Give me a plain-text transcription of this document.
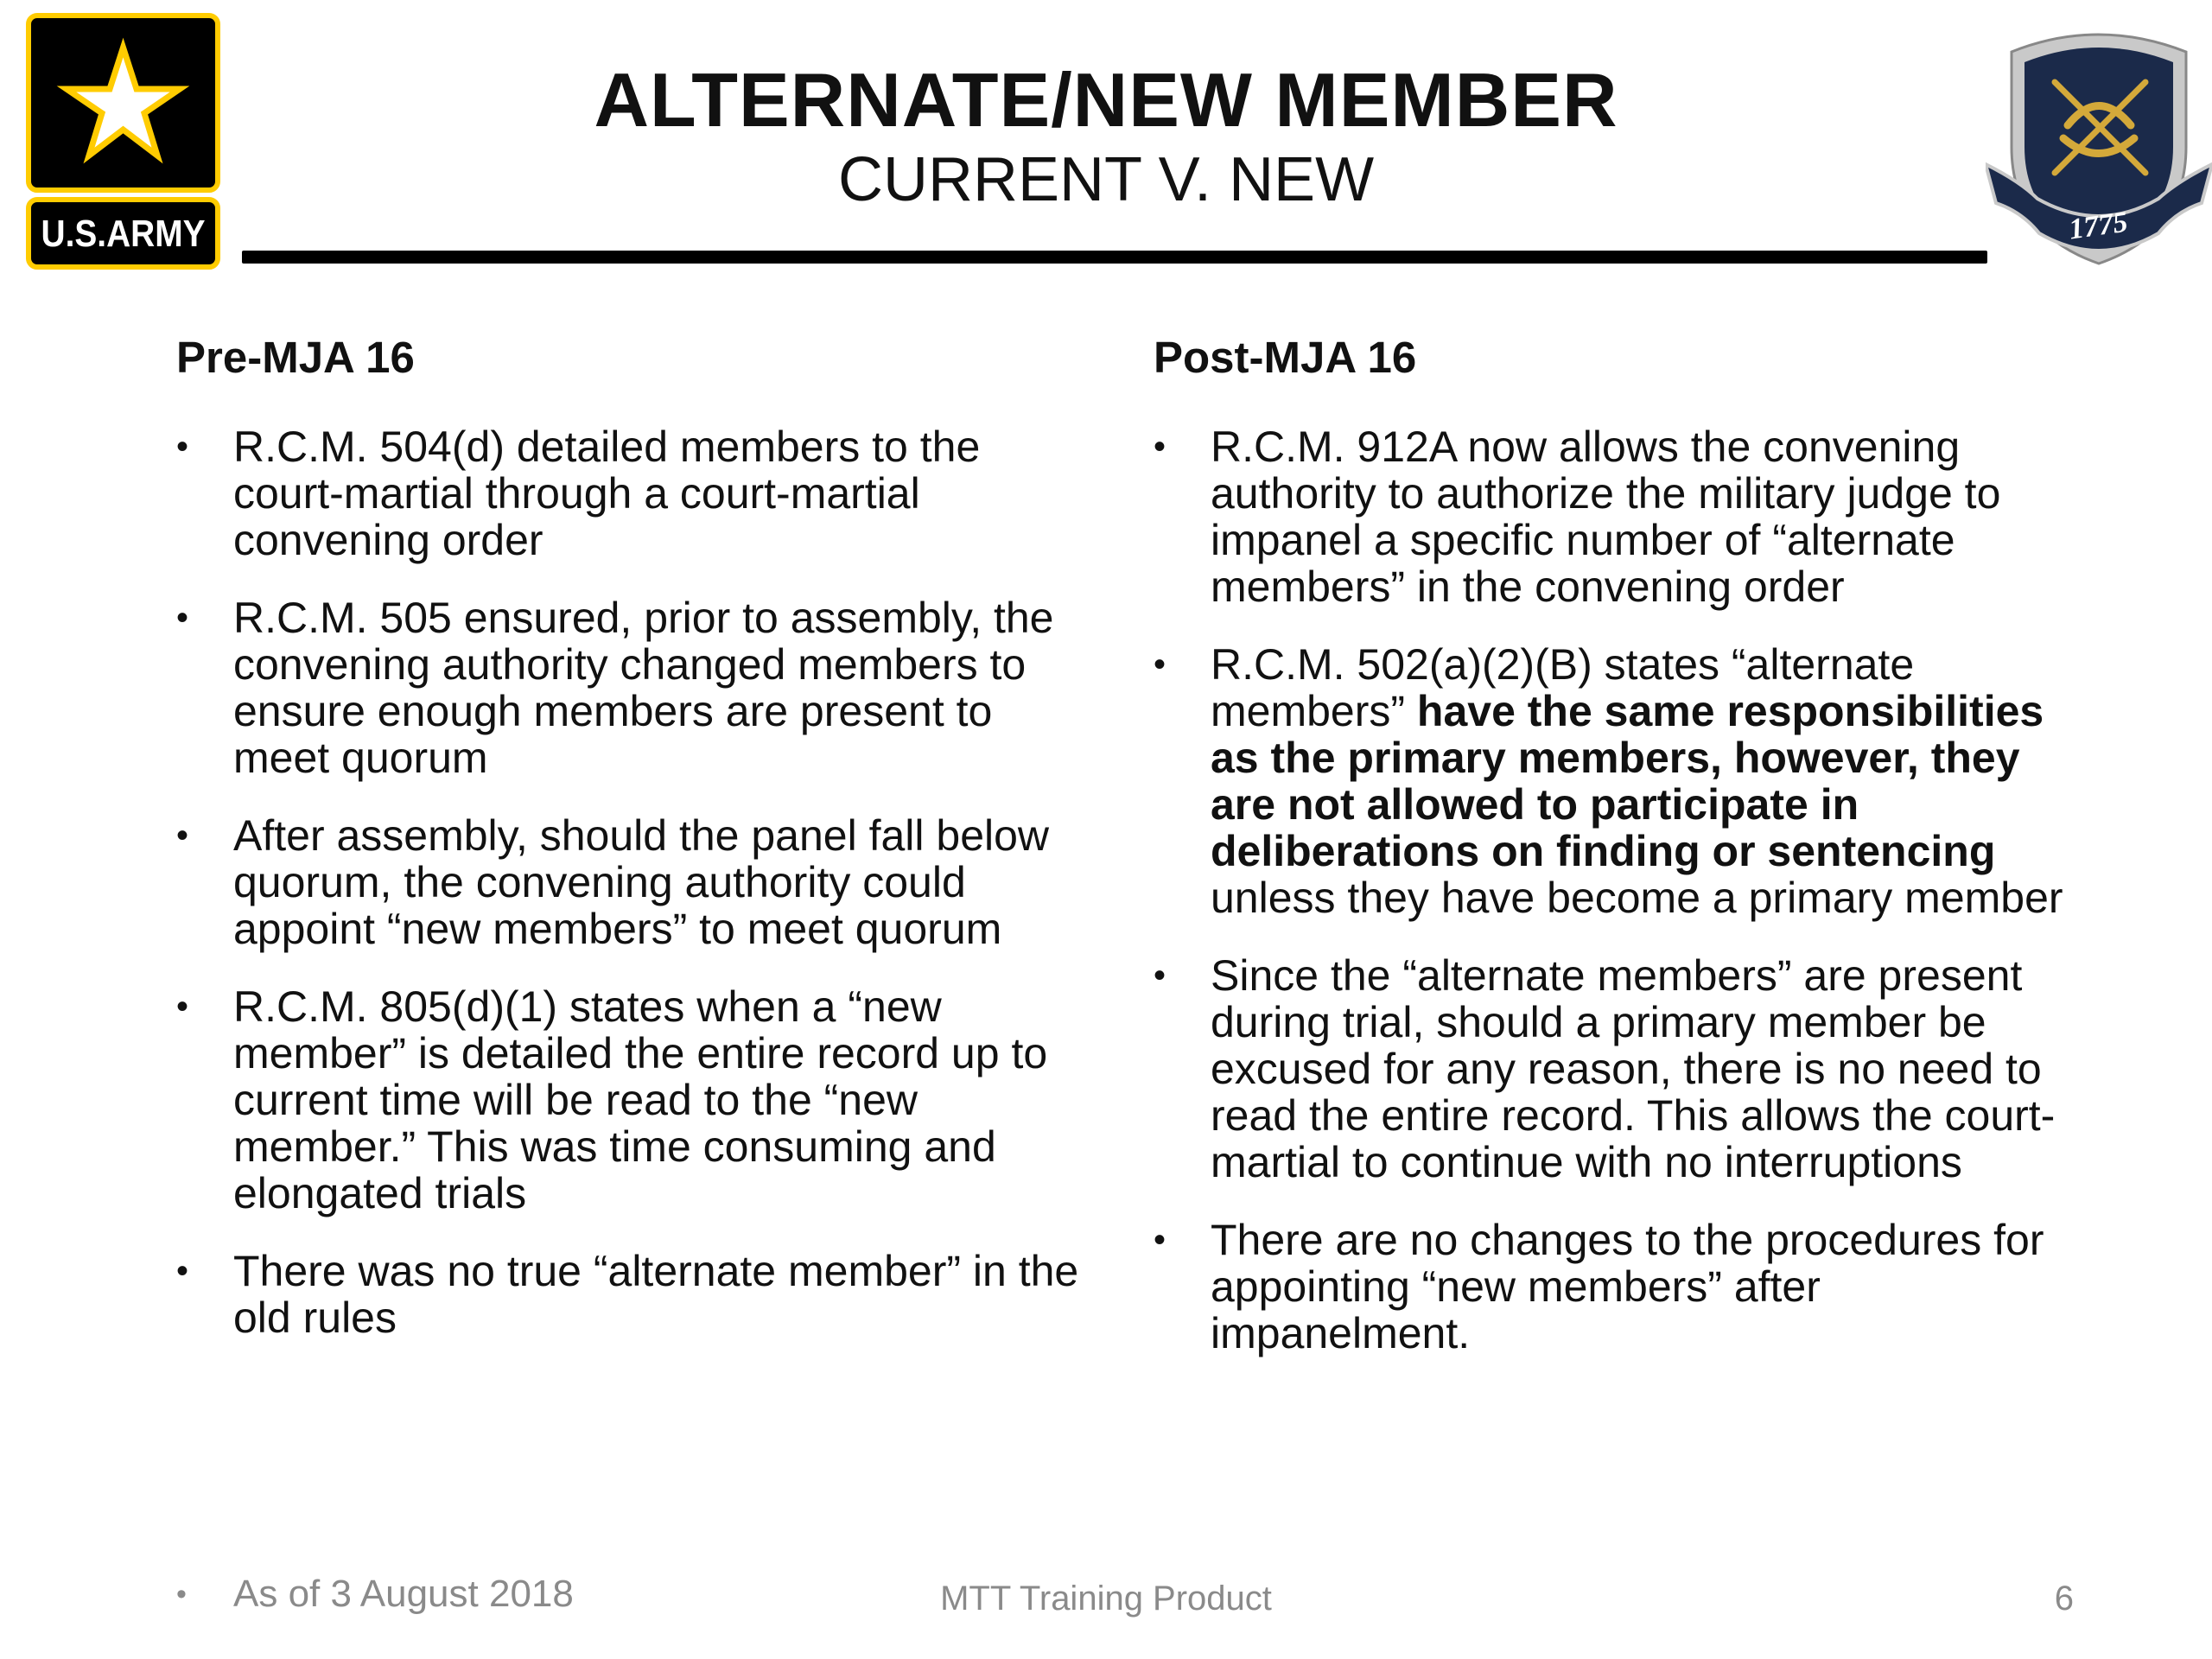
U.S.ARMY	1775
ALTERNATE/NEW MEMBER
CURRENT V. NEW
Pre-MJA 16
• R.C.M. 504(d) detailed members to the court-martial through a court-martial convening order
• R.C.M. 505 ensured, prior to assembly, the convening authority changed members to ensure enough members are present to meet quorum
• After assembly, should the panel fall below quorum, the convening authority could appoint “new members” to meet quorum
• R.C.M. 805(d)(1) states when a “new member” is detailed the entire record up to current time will be read to the “new member.” This was time consuming and elongated trials
• There was no true “alternate member” in the old rules
Post-MJA 16
• R.C.M. 912A now allows the convening authority to authorize the military judge to impanel a specific number of “alternate members” in the convening order
• R.C.M. 502(a)(2)(B) states “alternate members” have the same responsibilities as the primary members, however, they are not allowed to participate in deliberations on finding or sentencing unless they have become a primary member
• Since the “alternate members” are present during trial, should a primary member be excused for any reason, there is no need to read the entire record. This allows the court-martial to continue with no interruptions
• There are no changes to the procedures for appointing “new members” after impanelment.
• As of 3 August 2018	MTT Training Product	6
